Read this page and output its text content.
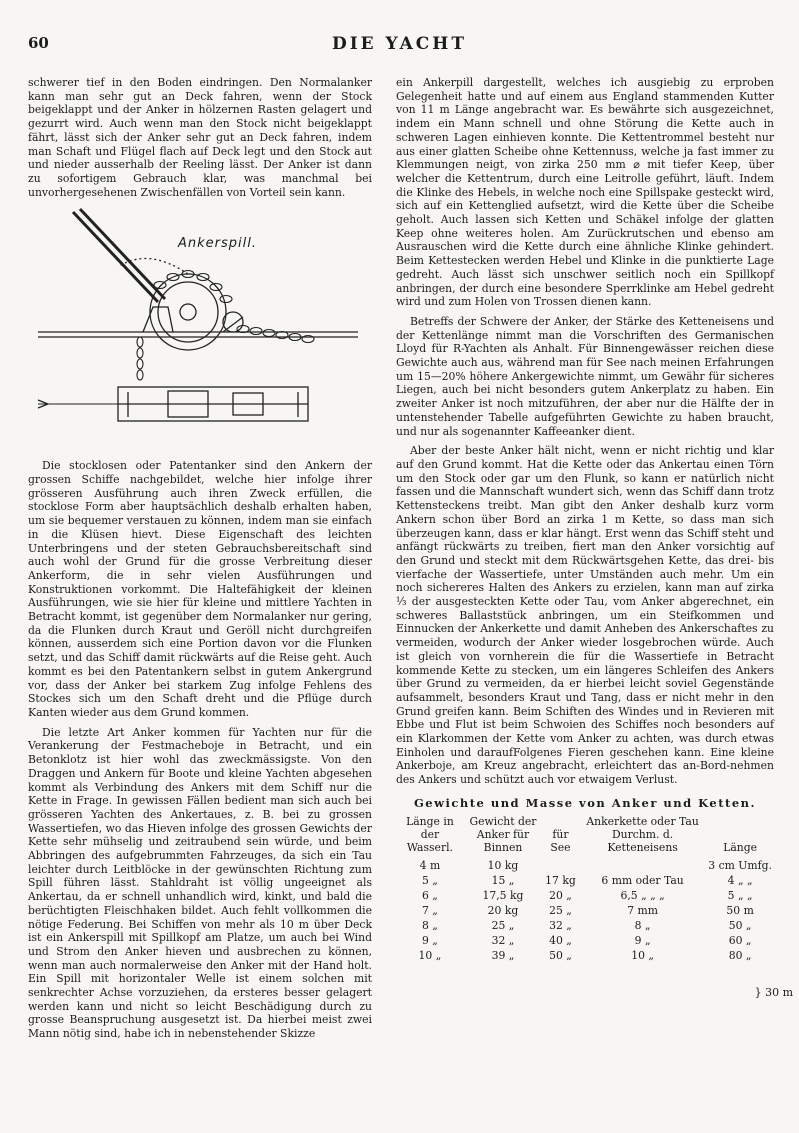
60	DIE YACHT

schwerer tief in den Boden eindringen. Den Normalanker kann man sehr gut an Deck fahren, wenn der Stock beigeklappt und der Anker in hölzernen Rasten gelagert und gezurrt wird. Auch wenn man den Stock nicht beigeklappt fährt, lässt sich der Anker sehr gut an Deck fahren, indem man Schaft und Flügel flach auf Deck legt und den Stock aut und nieder ausserhalb der Reeling lässt. Der Anker ist dann zu sofortigem Gebrauch klar, was manchmal bei unvorhergesehenen Zwischenfällen von Vorteil sein kann.

Ankerspill.

Die stocklosen oder Patentanker sind den Ankern der grossen Schiffe nachgebildet, welche hier infolge ihrer grösseren Ausführung auch ihren Zweck erfüllen, die stocklose Form aber hauptsächlich deshalb erhalten haben, um sie bequemer verstauen zu können, indem man sie einfach in die Klüsen hievt. Diese Eigenschaft des leichten Unterbringens und der steten Gebrauchsbereitschaft sind auch wohl der Grund für die grosse Verbreitung dieser Ankerform, die in sehr vielen Ausführungen und Konstruktionen vorkommt. Die Haltefähigkeit der kleinen Ausführungen, wie sie hier für kleine und mittlere Yachten in Betracht kommt, ist gegenüber dem Normalanker nur gering, da die Flunken durch Kraut und Geröll nicht durchgreifen können, ausserdem sich eine Portion davon vor die Flunken setzt, und das Schiff damit rückwärts auf die Reise geht. Auch kommt es bei den Patentankern selbst in gutem Ankergrund vor, dass der Anker bei starkem Zug infolge Fehlens des Stockes sich um den Schaft dreht und die Pflüge durch Kanten wieder aus dem Grund kommen.

Die letzte Art Anker kommen für Yachten nur für die Verankerung der Festmacheboje in Betracht, und ein Betonklotz ist hier wohl das zweckmässigste. Von den Draggen und Ankern für Boote und kleine Yachten abgesehen kommt als Verbindung des Ankers mit dem Schiff nur die Kette in Frage. In gewissen Fällen bedient man sich auch bei grösseren Yachten des Ankertaues, z. B. bei zu grossen Wassertiefen, wo das Hieven infolge des grossen Gewichts der Kette sehr mühselig und zeitraubend sein würde, und beim Abbringen des aufgebrummten Fahrzeuges, da sich ein Tau leichter durch Leitblöcke in der gewünschten Richtung zum Spill führen lässt. Stahldraht ist völlig ungeeignet als Ankertau, da er schnell unhandlich wird, kinkt, und bald die berüchtigten Fleischhaken bildet. Auch fehlt vollkommen die nötige Federung. Bei Schiffen von mehr als 10 m über Deck ist ein Ankerspill mit Spillkopf am Platze, um auch bei Wind und Strom den Anker hieven und ausbrechen zu können, wenn man auch normalerweise den Anker mit der Hand holt. Ein Spill mit horizontaler Welle ist einem solchen mit senkrechter Achse vorzuziehen, da ersteres besser gelagert werden kann und nicht so leicht Beschädigung durch zu grosse Beanspruchung ausgesetzt ist. Da hierbei meist zwei Mann nötig sind, habe ich in nebenstehender Skizze

ein Ankerpill dargestellt, welches ich ausgiebig zu erproben Gelegenheit hatte und auf einem aus England stammenden Kutter von 11 m Länge angebracht war. Es bewährte sich ausgezeichnet, indem ein Mann schnell und ohne Störung die Kette auch in schweren Lagen einhieven konnte. Die Kettentrommel besteht nur aus einer glatten Scheibe ohne Kettennuss, welche ja fast immer zu Klemmungen neigt, von zirka 250 mm ⌀ mit tiefer Keep, über welcher die Kettentrum, durch eine Leitrolle geführt, läuft. Indem die Klinke des Hebels, in welche noch eine Spillspake gesteckt wird, sich auf ein Kettenglied aufsetzt, wird die Kette über die Scheibe geholt. Auch lassen sich Ketten und Schäkel infolge der glatten Keep ohne weiteres holen. Am Zurückrutschen und ebenso am Ausrauschen wird die Kette durch eine ähnliche Klinke gehindert. Beim Kettestecken werden Hebel und Klinke in die punktierte Lage gedreht. Auch lässt sich unschwer seitlich noch ein Spillkopf anbringen, der durch eine besondere Sperrklinke am Hebel gedreht wird und zum Holen von Trossen dienen kann.

Betreffs der Schwere der Anker, der Stärke des Ketteneisens und der Kettenlänge nimmt man die Vorschriften des Germanischen Lloyd für R-Yachten als Anhalt. Für Binnengewässer reichen diese Gewichte auch aus, während man für See nach meinen Erfahrungen um 15—20% höhere Ankergewichte nimmt, um Gewähr für sicheres Liegen, auch bei nicht besonders gutem Ankerplatz zu haben. Ein zweiter Anker ist noch mitzuführen, der aber nur die Hälfte der in untenstehender Tabelle aufgeführten Gewichte zu haben braucht, und nur als sogenannter Kaffeeanker dient.

Aber der beste Anker hält nicht, wenn er nicht richtig und klar auf den Grund kommt. Hat die Kette oder das Ankertau einen Törn um den Stock oder gar um den Flunk, so kann er natürlich nicht fassen und die Mannschaft wundert sich, wenn das Schiff dann trotz Kettensteckens treibt. Man gibt den Anker deshalb kurz vorm Ankern schon über Bord an zirka 1 m Kette, so dass man sich überzeugen kann, dass er klar hängt. Erst wenn das Schiff steht und anfängt rückwärts zu treiben, fiert man den Anker vorsichtig auf den Grund und steckt mit dem Rückwärtsgehen Kette, das drei- bis vierfache der Wassertiefe, unter Umständen auch mehr. Um ein noch sichereres Halten des Ankers zu erzielen, kann man auf zirka ⅓ der ausgesteckten Kette oder Tau, vom Anker abgerechnet, ein schweres Ballaststück anbringen, um ein Steifkommen und Einnucken der Ankerkette und damit Anheben des Ankerschaftes zu vermeiden, wodurch der Anker wieder losgebrochen würde. Auch ist gleich von vornherein die für die Wassertiefe in Betracht kommende Kette zu stecken, um ein längeres Schleifen des Ankers über Grund zu vermeiden, da er hierbei leicht soviel Gegenstände aufsammelt, besonders Kraut und Tang, dass er nicht mehr in den Grund greifen kann. Beim Schiften des Windes und in Revieren mit Ebbe und Flut ist beim Schwoien des Schiffes noch besonders auf ein Klarkommen der Kette vom Anker zu achten, was durch etwas Einholen und daraufFolgenes Fieren geschehen kann. Eine kleine Ankerboje, am Kreuz angebracht, erleichtert das an-Bord-nehmen des Ankers und schützt auch vor etwaigem Verlust.

Gewichte und Masse von Anker und Ketten.
Länge in der Wasserl.	Gewicht der Anker für Binnen	für See	Ankerkette oder Tau Durchm. d. Ketteneisens	Länge
4 m	10 kg			3 cm Umfg.
5 „	15 „	17 kg	6 mm oder Tau	4 „ „
6 „	17,5 kg	20 „	6,5 „ „ „	5 „ „
7 „	20 kg	25 „	7 mm	50 m
8 „	25 „	32 „	8 „	50 „
9 „	32 „	40 „	9 „	60 „
10 „	39 „	50 „	10 „	80 „
} 30 m
